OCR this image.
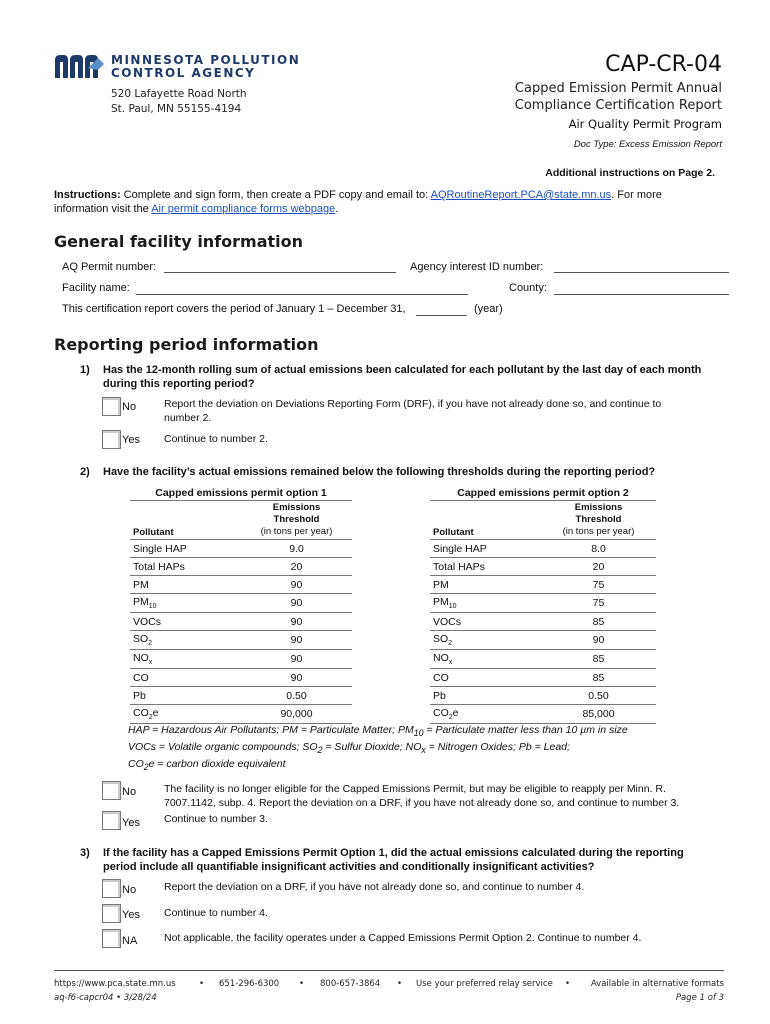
MINNESOTA POLLUTION
CONTROL AGENCY
520 Lafayette Road North
St. Paul, MN 55155-4194
CAP-CR-04
Capped Emission Permit Annual
Compliance Certification Report
Air Quality Permit Program
Doc Type: Excess Emission Report
Additional instructions on Page 2.
Instructions: Complete and sign form, then create a PDF copy and email to: AQRoutineReport.PCA@state.mn.us. For more
information visit the Air permit compliance forms webpage.
General facility information
AQ Permit number:	Agency interest ID number:
Facility name:	County:
This certification report covers the period of January 1 – December 31,	(year)
Reporting period information
1) Has the 12-month rolling sum of actual emissions been calculated for each pollutant by the last day of each month
during this reporting period?
No	Report the deviation on Deviations Reporting Form (DRF), if you have not already done so, and continue to
number 2.
Yes Continue to number 2.
2) Have the facility’s actual emissions remained below the following thresholds during the reporting period?
Capped emissions permit option 1	
Pollutant	Emissions
Threshold
(in tons per year)
Single HAP	9.0
Total HAPs	20
PM	90
$PM_{10}$	90
VOCs	90
$SO_2$	90
$NO_x$	90
CO	90
Pb	0.50
$CO_2e$	90,000
Capped emissions permit option 2	
Pollutant	Emissions
Threshold
(in tons per year)
Single HAP	8.0
Total HAPs	20
PM	75
$PM_{10}$	75
VOCs	85
$SO_2$	90
$NO_x$	85
CO	85
Pb	0.50
$CO_2e$	85,000
HAP = Hazardous Air Pollutants; PM = Particulate Matter; $PM_{10}$ = Particulate matter less than 10 µm in size
VOCs = Volatile organic compounds; $SO_2$ = Sulfur Dioxide; $NO_x$ = Nitrogen Oxides; Pb = Lead;
$CO_2e$ = carbon dioxide equivalent
No	The facility is no longer eligible for the Capped Emissions Permit, but may be eligible to reapply per Minn. R.
7007.1142, subp. 4. Report the deviation on a DRF, if you have not already done so, and continue to number 3.
Yes Continue to number 3.
3) If the facility has a Capped Emissions Permit Option 1, did the actual emissions calculated during the reporting
period include all quantifiable insignificant activities and conditionally insignificant activities?
No	Report the deviation on a DRF, if you have not already done so, and continue to number 4.
Yes Continue to number 4.
NA	Not applicable, the facility operates under a Capped Emissions Permit Option 2. Continue to number 4.
https://www.pca.state.mn.us	• 651-296-6300 • 800-657-3864 • Use your preferred relay service • Available in alternative formats
aq-f6-capcr04 • 3/28/24	Page 1 of 3
